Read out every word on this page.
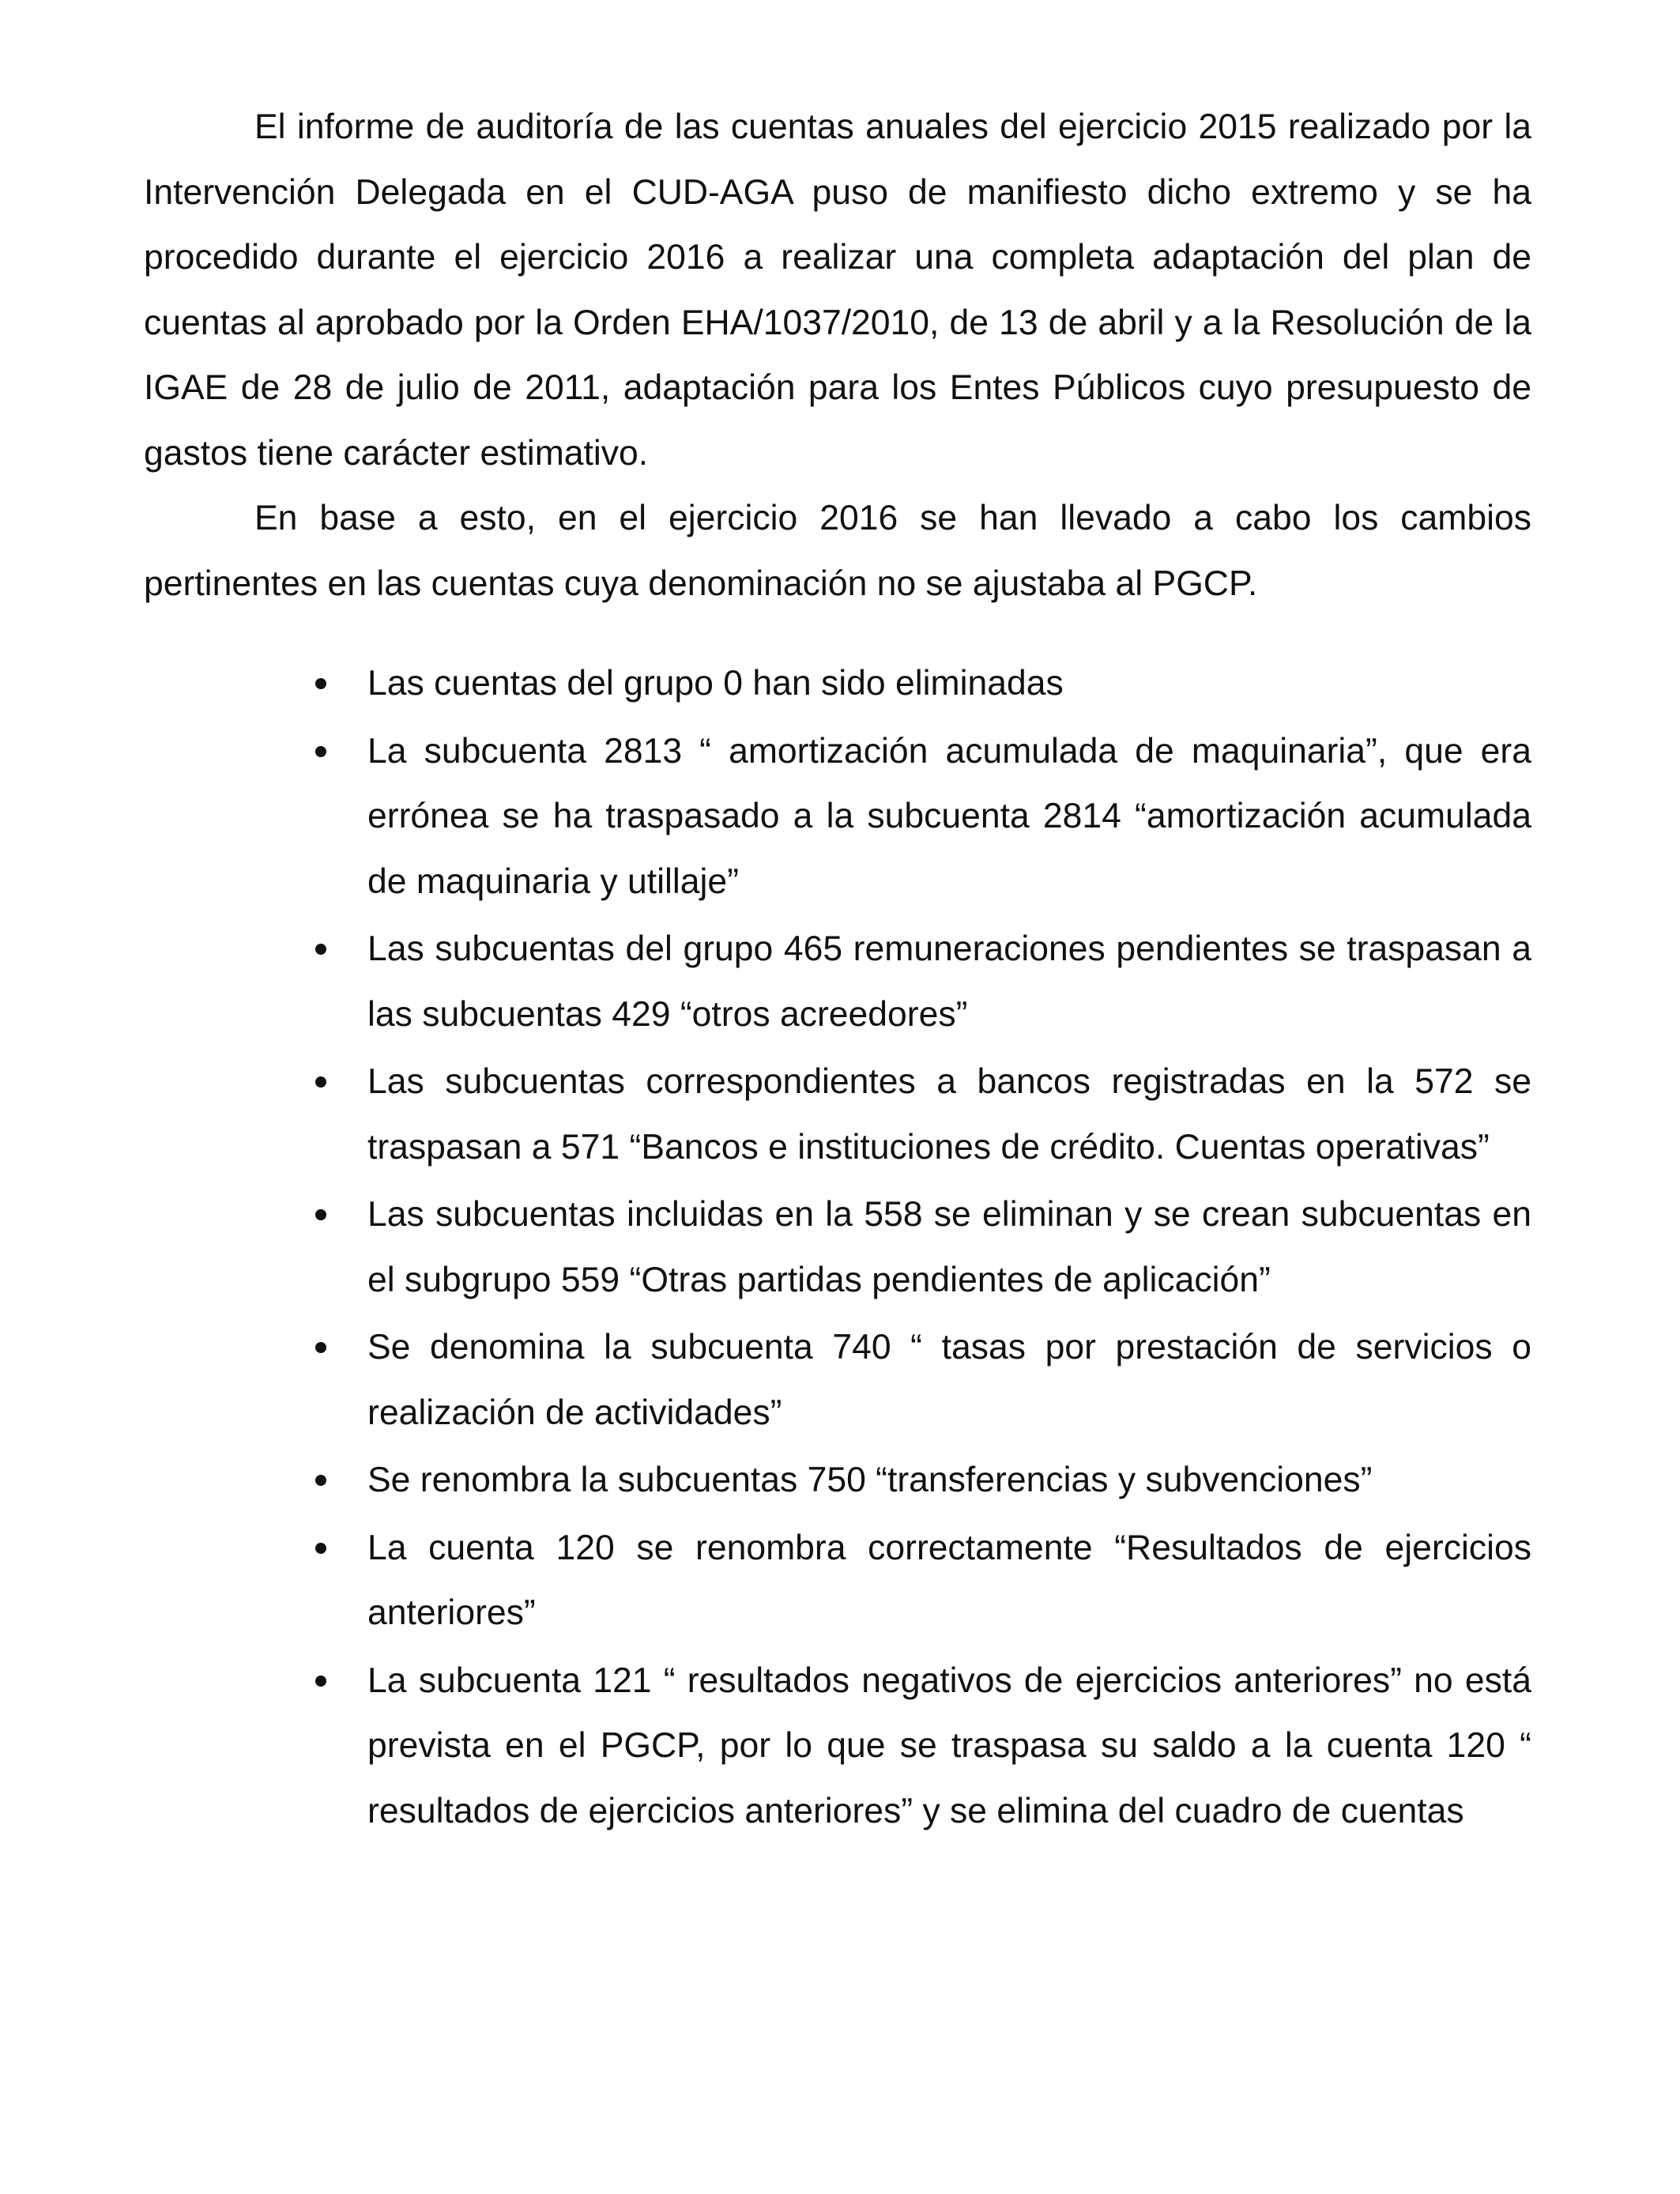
El informe de auditoría de las cuentas anuales del ejercicio 2015 realizado por la Intervención Delegada en el CUD-AGA puso de manifiesto dicho extremo y se ha procedido durante el ejercicio 2016 a realizar una completa adaptación del plan de cuentas al aprobado por la Orden EHA/1037/2010, de 13 de abril y a la Resolución de la IGAE de 28 de julio de 2011, adaptación para los Entes Públicos cuyo presupuesto de gastos tiene carácter estimativo.

En base a esto, en el ejercicio 2016 se han llevado a cabo los cambios pertinentes en las cuentas cuya denominación no se ajustaba al PGCP.

Las cuentas del grupo 0 han sido eliminadas
La subcuenta 2813 “ amortización acumulada de maquinaria”, que era errónea se ha traspasado a la subcuenta 2814 “amortización acumulada de maquinaria y utillaje”
Las subcuentas del grupo 465 remuneraciones pendientes se traspasan a las subcuentas 429 “otros acreedores”
Las subcuentas correspondientes a bancos registradas en la 572 se traspasan a 571 “Bancos e instituciones de crédito. Cuentas operativas”
Las subcuentas incluidas en la 558 se eliminan y se crean subcuentas en el subgrupo 559 “Otras partidas pendientes de aplicación”
Se denomina la subcuenta 740 “ tasas por prestación de servicios o realización de actividades”
Se renombra la subcuentas 750 “transferencias y subvenciones”
La cuenta 120 se renombra correctamente “Resultados de ejercicios anteriores”
La subcuenta 121 “ resultados negativos de ejercicios anteriores” no está prevista en el PGCP, por lo que se traspasa su saldo a la cuenta 120 “ resultados de ejercicios anteriores” y se elimina del cuadro de cuentas
